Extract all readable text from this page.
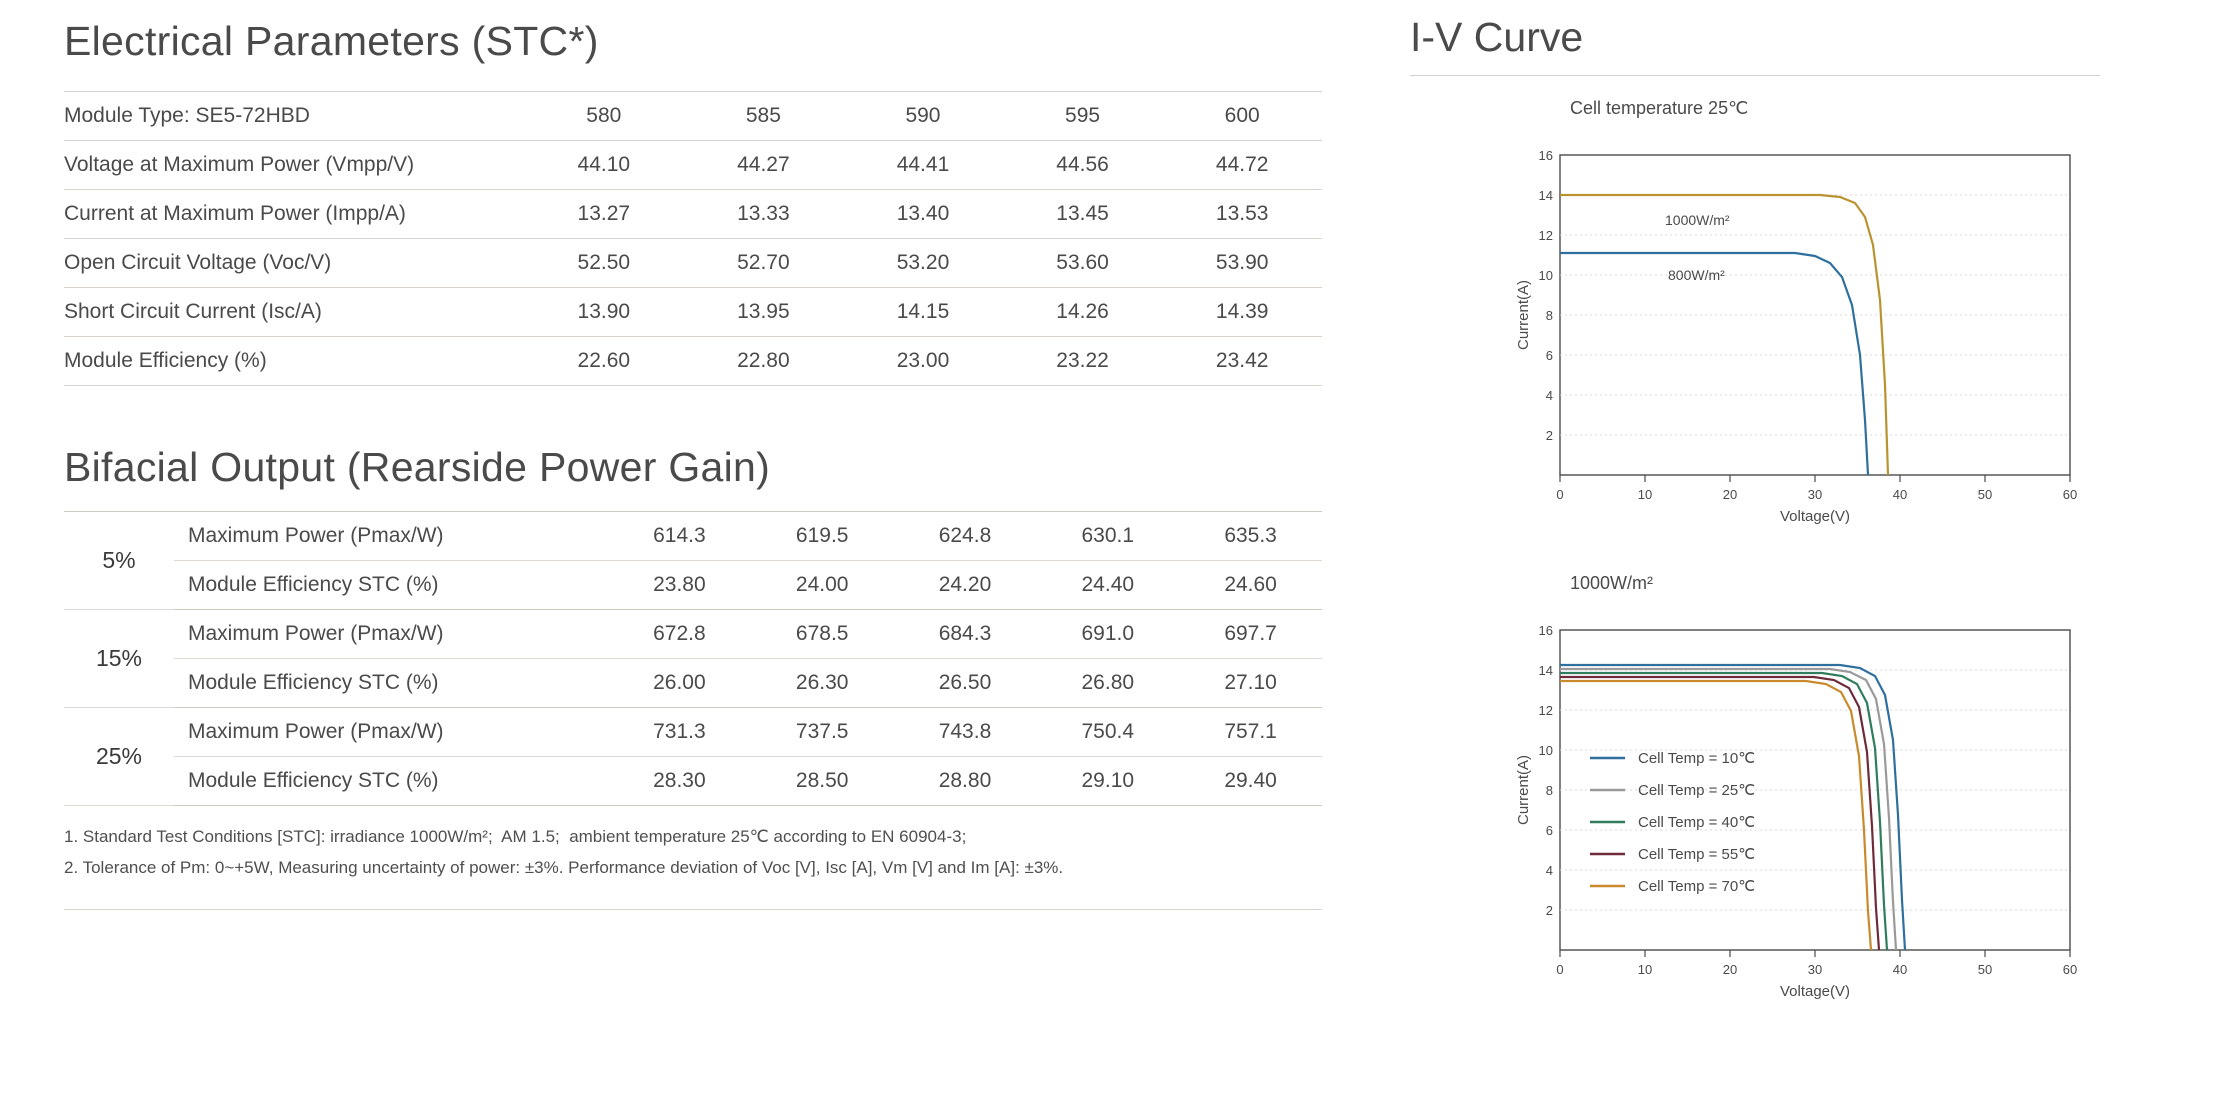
Electrical Parameters (STC*)
Module Type: SE5-72HBD	580	585	590	595	600
Voltage at Maximum Power (Vmpp/V)	44.10	44.27	44.41	44.56	44.72
Current at Maximum Power (Impp/A)	13.27	13.33	13.40	13.45	13.53
Open Circuit Voltage (Voc/V)	52.50	52.70	53.20	53.60	53.90
Short Circuit Current (Isc/A)	13.90	13.95	14.15	14.26	14.39
Module Efficiency (%)	22.60	22.80	23.00	23.22	23.42
Bifacial Output (Rearside Power Gain)
5%	Maximum Power (Pmax/W)	614.3	619.5	624.8	630.1	635.3
	Module Efficiency STC (%)	23.80	24.00	24.20	24.40	24.60
15%	Maximum Power (Pmax/W)	672.8	678.5	684.3	691.0	697.7
	Module Efficiency STC (%)	26.00	26.30	26.50	26.80	27.10
25%	Maximum Power (Pmax/W)	731.3	737.5	743.8	750.4	757.1
	Module Efficiency STC (%)	28.30	28.50	28.80	29.10	29.40
1. Standard Test Conditions [STC]: irradiance 1000W/m²;  AM 1.5;  ambient temperature 25℃ according to EN 60904-3;
2. Tolerance of Pm: 0~+5W, Measuring uncertainty of power: ±3%. Performance deviation of Voc [V], Isc [A], Vm [V] and Im [A]: ±3%.
I-V Curve
Cell temperature 25℃
16
14
12
10
8
6
4
2
0	10	20	30	40	50	60
Voltage(V)
Current(A)
1000W/m²
800W/m²
1000W/m²
16
14
12
10
8
6
4
2
0	10	20	30	40	50	60
Voltage(V)
Current(A)	Cell Temp = 10℃
Cell Temp = 25℃
Cell Temp = 40℃
Cell Temp = 55℃
Cell Temp = 70℃
